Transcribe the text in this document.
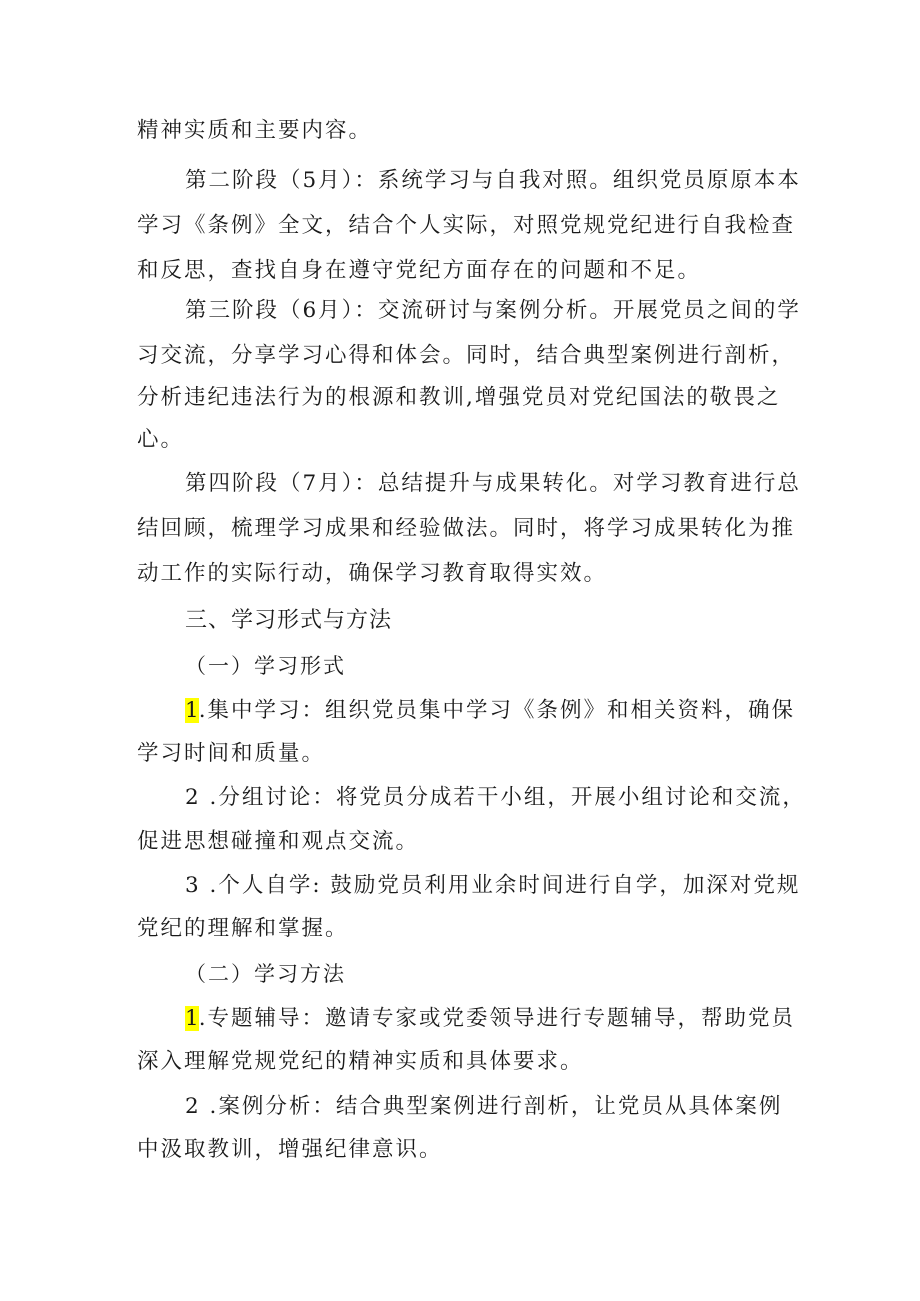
精神实质和主要内容。
第二阶段（5月）：系统学习与自我对照。组织党员原原本本
学习《条例》全文，结合个人实际，对照党规党纪进行自我检查
和反思，查找自身在遵守党纪方面存在的问题和不足。
第三阶段（6月）：交流研讨与案例分析。开展党员之间的学
习交流，分享学习心得和体会。同时，结合典型案例进行剖析，
分析违纪违法行为的根源和教训,增强党员对党纪国法的敬畏之
心。
第四阶段（7月）：总结提升与成果转化。对学习教育进行总
结回顾，梳理学习成果和经验做法。同时，将学习成果转化为推
动工作的实际行动，确保学习教育取得实效。
三、学习形式与方法
（一）学习形式
1.集中学习：组织党员集中学习《条例》和相关资料，确保
学习时间和质量。
2 .分组讨论：将党员分成若干小组，开展小组讨论和交流，
促进思想碰撞和观点交流。
3 .个人自学: 鼓励党员利用业余时间进行自学，加深对党规
党纪的理解和掌握。
（二）学习方法
1.专题辅导：邀请专家或党委领导进行专题辅导，帮助党员
深入理解党规党纪的精神实质和具体要求。
2 .案例分析：结合典型案例进行剖析，让党员从具体案例
中汲取教训，增强纪律意识。
